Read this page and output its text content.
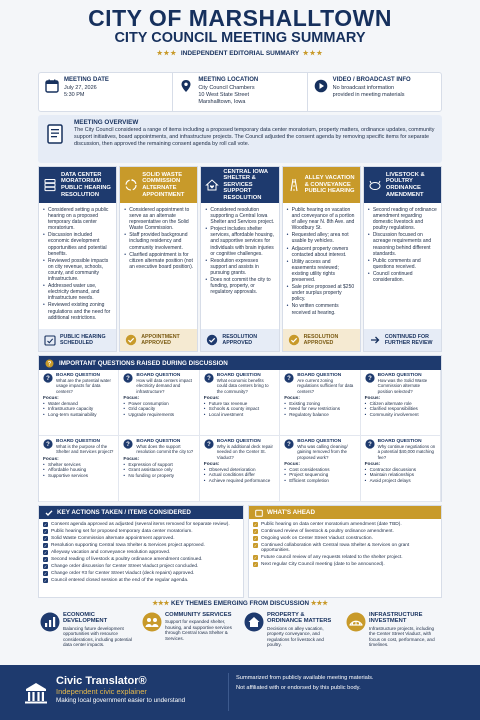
CITY OF MARSHALLTOWN
CITY COUNCIL MEETING SUMMARY
★★★ INDEPENDENT EDITORIAL SUMMARY ★★★
MEETING DATE
July 27, 2026
5:30 PM
MEETING LOCATION
City Council Chambers
10 West State Street
Marshalltown, Iowa
VIDEO / BROADCAST INFO
No broadcast information
provided in meeting materials
MEETING OVERVIEW
The City Council considered a range of items including a proposed temporary data center moratorium, property matters, ordinance updates, community support initiatives, board appointments, and infrastructure projects. The Council adjusted the consent agenda by removing specific items for separate discussion, then approved the remaining consent agenda by roll call vote.
DATA CENTER MORATORIUM PUBLIC HEARING RESOLUTION
• Considered setting a public hearing on a proposed temporary data center moratorium.
• Discussion included economic development opportunities and potential benefits.
• Reviewed possible impacts on city revenue, schools, county, and community infrastructure.
• Addressed water use, electricity demand, and infrastructure needs.
• Reviewed existing zoning regulations and the need for additional restrictions.
PUBLIC HEARING SCHEDULED
SOLID WASTE COMMISSION ALTERNATE APPOINTMENT
• Considered appointment to serve as an alternate representative on the Solid Waste Commission.
• Staff provided background including residency and community involvement.
• Clarified appointment is for citizen alternate position (not an executive board position).
APPOINTMENT APPROVED
CENTRAL IOWA SHELTER & SERVICES SUPPORT RESOLUTION
• Considered resolution supporting a Central Iowa Shelter and Services project.
• Project includes shelter services, affordable housing, and supportive services for individuals with brain injuries or cognitive challenges.
• Resolution expresses support and assists in pursuing grants.
• Does not commit the city to funding, property, or regulatory approvals.
RESOLUTION APPROVED
ALLEY VACATION & CONVEYANCE PUBLIC HEARING
• Public hearing on vacation and conveyance of a portion of alley near N. 8th Ave. and Woodbury St.
• Requested alley; area not usable by vehicles.
• Adjacent property owners contacted about interest.
• Utility access and easements reviewed; existing utility rights preserved.
• Sale price proposed at $250 under surplus property policy.
• No written comments received at hearing.
RESOLUTION APPROVED
LIVESTOCK & POULTRY ORDINANCE AMENDMENT
• Second reading of ordinance amendment regarding domestic livestock and poultry regulations.
• Discussion focused on acreage requirements and reasoning behind different standards.
• Public comments and questions received.
• Council continued consideration.
CONTINUED FOR FURTHER REVIEW
? IMPORTANT QUESTIONS RAISED DURING DISCUSSION
?
BOARD QUESTION
What are the potential water usage impacts for data centers?
Focus:
• Water demand
• Infrastructure capacity
• Long-term sustainability
?
BOARD QUESTION
How will data centers impact electricity demand and infrastructure?
Focus:
• Power consumption
• Grid capacity
• Upgrade requirements
?
BOARD QUESTION
What economic benefits could data centers bring to the community?
Focus:
• Future tax revenue
• Schools & county impact
• Local investment
?
BOARD QUESTION
Are current zoning regulations sufficient for data centers?
Focus:
• Existing zoning
• Need for new restrictions
• Regulatory balance
?
BOARD QUESTION
How was the Solid Waste Commission alternate position selected?
Focus:
• Citizen alternate role
• Clarified responsibilities
• Community involvement
?
BOARD QUESTION
What is the purpose of the Shelter and Services project?
Focus:
• Shelter services
• Affordable housing
• Supportive services
?
BOARD QUESTION
What does the support resolution commit the city to?
Focus:
• Expression of support
• Grant assistance only
• No funding or property
?
BOARD QUESTION
Why is additional deck repair needed on the Center St. Viaduct?
Focus:
• Observed deterioration
• Actual conditions differ
• Achieve required performance
?
BOARD QUESTION
Who was calling cleaning/ gaining removed from the proposed work?
Focus:
• Cost considerations
• Project sequencing
• Efficient completion
?
BOARD QUESTION
Why continue negotiations on a potential $40,000 matching fee?
Focus:
• Contractor discussions
• Maintain relationships
• Avoid project delays
KEY ACTIONS TAKEN / ITEMS CONSIDERED
✓ Consent agenda approved as adjusted (several items removed for separate review).
✓ Public hearing set for proposed temporary data center moratorium.
✓ Solid Waste Commission alternate appointment approved.
✓ Resolution supporting Central Iowa Shelter & Services project approved.
✓ Alleyway vacation and conveyance resolution approved.
✓ Second reading of livestock & poultry ordinance amendment continued.
✓ Change order discussion for Center Street Viaduct project concluded.
✓ Change order #3 for Center Street Viaduct (deck repairs) approved.
✓ Council entered closed session at the end of the regular agenda.
WHAT'S AHEAD
✓ Public hearing on data center moratorium amendment (date TBD).
✓ Continued review of livestock & poultry ordinance amendment.
✓ Ongoing work on Center Street Viaduct construction.
✓ Continued collaboration with Central Iowa Shelter & Services on grant opportunities.
✓ Future council review of any requests related to the shelter project.
✓ Next regular City Council meeting (date to be announced).
★★★ KEY THEMES EMERGING FROM DISCUSSION ★★★
ECONOMIC DEVELOPMENT
Balancing future development opportunities with resource considerations, including potential data center impacts.
COMMUNITY SERVICES
Support for expanded shelter, housing, and supportive services through Central Iowa Shelter & Services.
PROPERTY & ORDINANCE MATTERS
Decisions on alley vacation, property conveyance, and regulations for livestock and poultry.
INFRASTRUCTURE INVESTMENT
Infrastructure projects, including the Center Street Viaduct, with focus on cost, performance, and timelines.
Civic Translator®
Independent civic explainer
Making local government easier to understand
Summarized from publicly available meeting materials.
Not affiliated with or endorsed by this public body.
